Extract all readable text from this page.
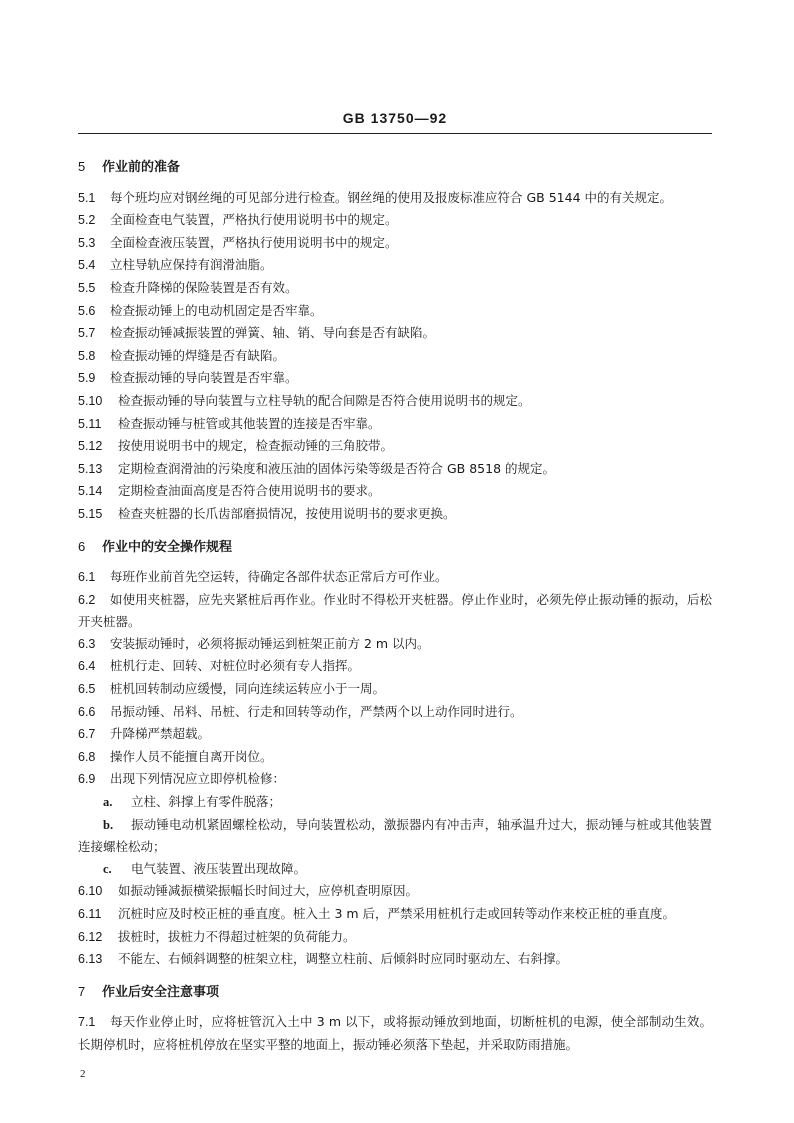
GB 13750—92
5 作业前的准备

5.1 每个班均应对钢丝绳的可见部分进行检查。钢丝绳的使用及报废标准应符合 GB 5144 中的有关规定。

5.2 全面检查电气装置，严格执行使用说明书中的规定。

5.3 全面检查液压装置，严格执行使用说明书中的规定。

5.4 立柱导轨应保持有润滑油脂。

5.5 检查升降梯的保险装置是否有效。

5.6 检查振动锤上的电动机固定是否牢靠。

5.7 检查振动锤减振装置的弹簧、轴、销、导向套是否有缺陷。

5.8 检查振动锤的焊缝是否有缺陷。

5.9 检查振动锤的导向装置是否牢靠。

5.10 检查振动锤的导向装置与立柱导轨的配合间隙是否符合使用说明书的规定。

5.11 检查振动锤与桩管或其他装置的连接是否牢靠。

5.12 按使用说明书中的规定，检查振动锤的三角胶带。

5.13 定期检查润滑油的污染度和液压油的固体污染等级是否符合 GB 8518 的规定。

5.14 定期检查油面高度是否符合使用说明书的要求。

5.15 检查夹桩器的长爪齿部磨损情况，按使用说明书的要求更换。

6 作业中的安全操作规程

6.1 每班作业前首先空运转，待确定各部件状态正常后方可作业。

6.2 如使用夹桩器，应先夹紧桩后再作业。作业时不得松开夹桩器。停止作业时，必须先停止振动锤的振动，后松开夹桩器。

6.3 安装振动锤时，必须将振动锤运到桩架正前方 2 m 以内。

6.4 桩机行走、回转、对桩位时必须有专人指挥。

6.5 桩机回转制动应缓慢，同向连续运转应小于一周。

6.6 吊振动锤、吊料、吊桩、行走和回转等动作，严禁两个以上动作同时进行。

6.7 升降梯严禁超载。

6.8 操作人员不能擅自离开岗位。

6.9 出现下列情况应立即停机检修：

a. 立柱、斜撑上有零件脱落；

b. 振动锤电动机紧固螺栓松动，导向装置松动，激振器内有冲击声，轴承温升过大，振动锤与桩或其他装置连接螺栓松动；

c. 电气装置、液压装置出现故障。

6.10 如振动锤减振横梁振幅长时间过大，应停机查明原因。

6.11 沉桩时应及时校正桩的垂直度。桩入土 3 m 后，严禁采用桩机行走或回转等动作来校正桩的垂直度。

6.12 拔桩时，拔桩力不得超过桩架的负荷能力。

6.13 不能左、右倾斜调整的桩架立柱，调整立柱前、后倾斜时应同时驱动左、右斜撑。

7 作业后安全注意事项

7.1 每天作业停止时，应将桩管沉入土中 3 m 以下，或将振动锤放到地面，切断桩机的电源，使全部制动生效。长期停机时，应将桩机停放在坚实平整的地面上，振动锤必须落下垫起，并采取防雨措施。

2
